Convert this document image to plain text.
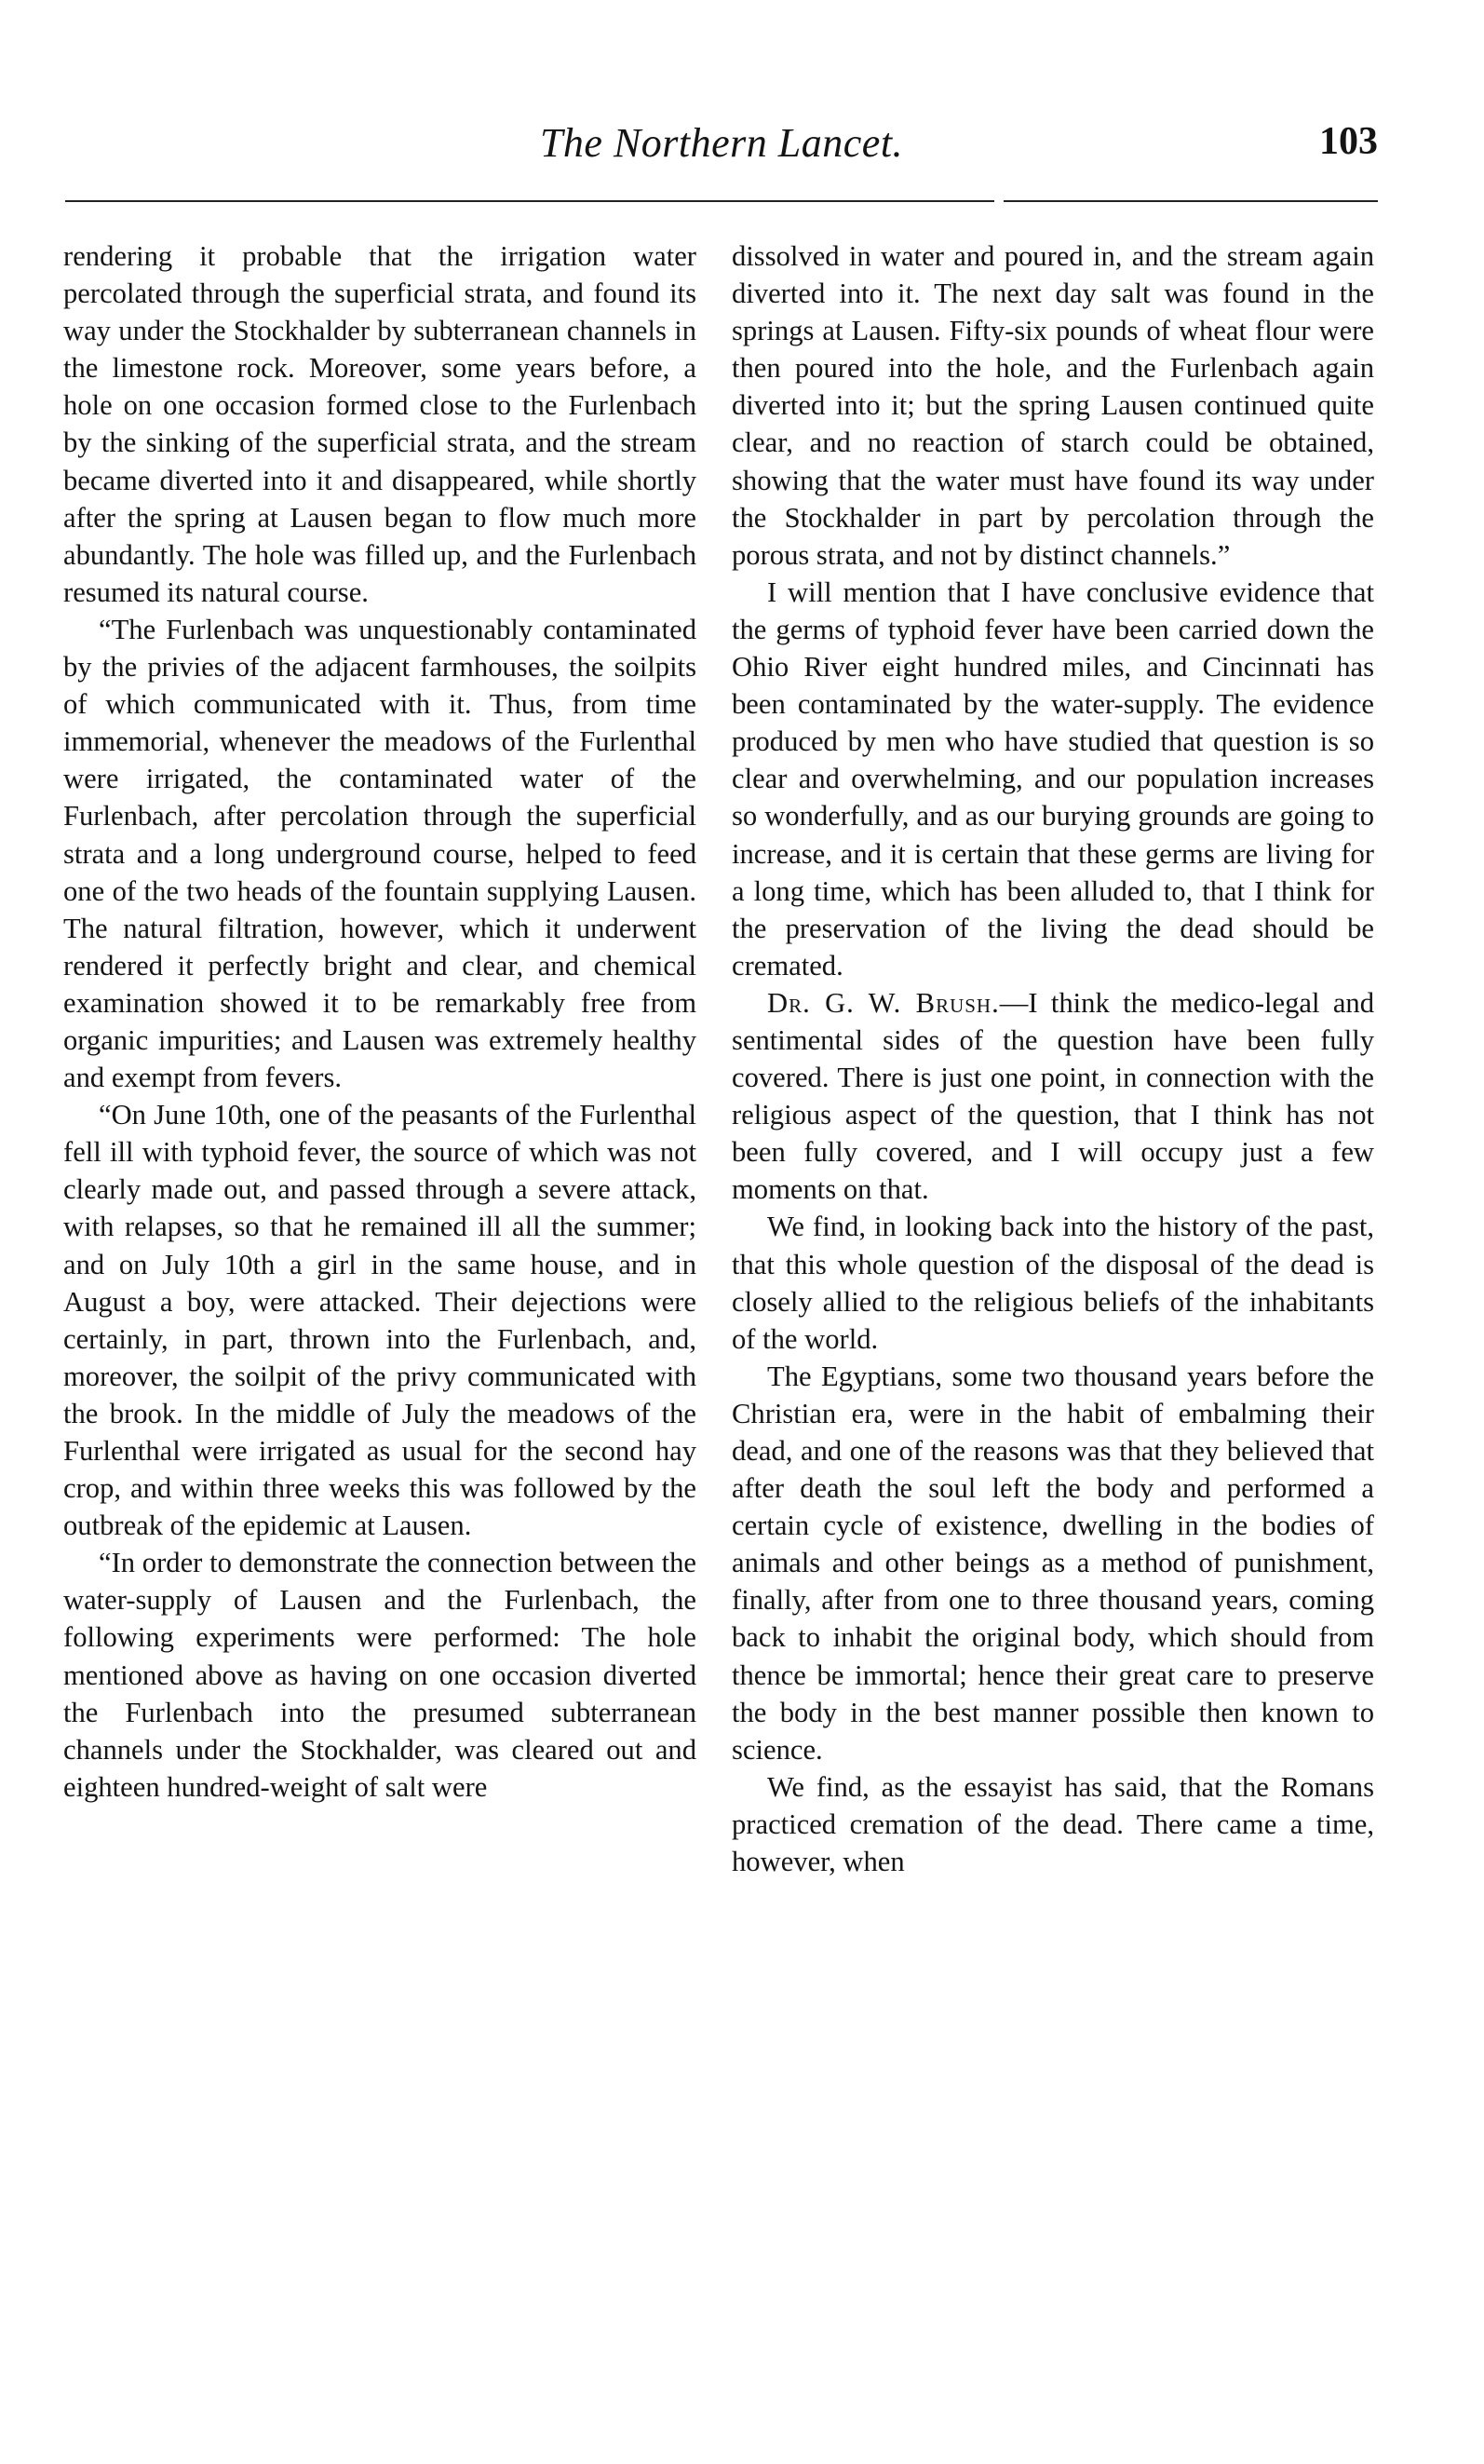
The Northern Lancet.	103

rendering it probable that the irrigation water percolated through the superficial strata, and found its way under the Stockhalder by subterranean channels in the limestone rock. Moreover, some years before, a hole on one occasion formed close to the Furlenbach by the sinking of the superficial strata, and the stream became diverted into it and disappeared, while shortly after the spring at Lausen began to flow much more abundantly. The hole was filled up, and the Furlenbach resumed its natural course.

“The Furlenbach was unquestionably contaminated by the privies of the adjacent farmhouses, the soilpits of which communicated with it. Thus, from time immemorial, whenever the meadows of the Furlenthal were irrigated, the contaminated water of the Furlenbach, after percolation through the superficial strata and a long underground course, helped to feed one of the two heads of the fountain supplying Lausen. The natural filtration, however, which it underwent rendered it perfectly bright and clear, and chemical examination showed it to be remarkably free from organic impurities; and Lausen was extremely healthy and exempt from fevers.

“On June 10th, one of the peasants of the Furlenthal fell ill with typhoid fever, the source of which was not clearly made out, and passed through a severe attack, with relapses, so that he remained ill all the summer; and on July 10th a girl in the same house, and in August a boy, were attacked. Their dejections were certainly, in part, thrown into the Furlenbach, and, moreover, the soilpit of the privy communicated with the brook. In the middle of July the meadows of the Furlenthal were irrigated as usual for the second hay crop, and within three weeks this was followed by the outbreak of the epidemic at Lausen.

“In order to demonstrate the connection between the water-supply of Lausen and the Furlenbach, the following experiments were performed: The hole mentioned above as having on one occasion diverted the Furlenbach into the presumed subterranean channels under the Stockhalder, was cleared out and eighteen hundred-weight of salt were

dissolved in water and poured in, and the stream again diverted into it. The next day salt was found in the springs at Lausen. Fifty-six pounds of wheat flour were then poured into the hole, and the Furlenbach again diverted into it; but the spring Lausen continued quite clear, and no reaction of starch could be obtained, showing that the water must have found its way under the Stockhalder in part by percolation through the porous strata, and not by distinct channels.”

I will mention that I have conclusive evidence that the germs of typhoid fever have been carried down the Ohio River eight hundred miles, and Cincinnati has been contaminated by the water-supply. The evidence produced by men who have studied that question is so clear and overwhelming, and our population increases so wonderfully, and as our burying grounds are going to increase, and it is certain that these germs are living for a long time, which has been alluded to, that I think for the preservation of the living the dead should be cremated.

Dr. G. W. Brush.—I think the medico-legal and sentimental sides of the question have been fully covered. There is just one point, in connection with the religious aspect of the question, that I think has not been fully covered, and I will occupy just a few moments on that.

We find, in looking back into the history of the past, that this whole question of the disposal of the dead is closely allied to the religious beliefs of the inhabitants of the world.

The Egyptians, some two thousand years before the Christian era, were in the habit of embalming their dead, and one of the reasons was that they believed that after death the soul left the body and performed a certain cycle of existence, dwelling in the bodies of animals and other beings as a method of punishment, finally, after from one to three thousand years, coming back to inhabit the original body, which should from thence be immortal; hence their great care to preserve the body in the best manner possible then known to science.

We find, as the essayist has said, that the Romans practiced cremation of the dead. There came a time, however, when
